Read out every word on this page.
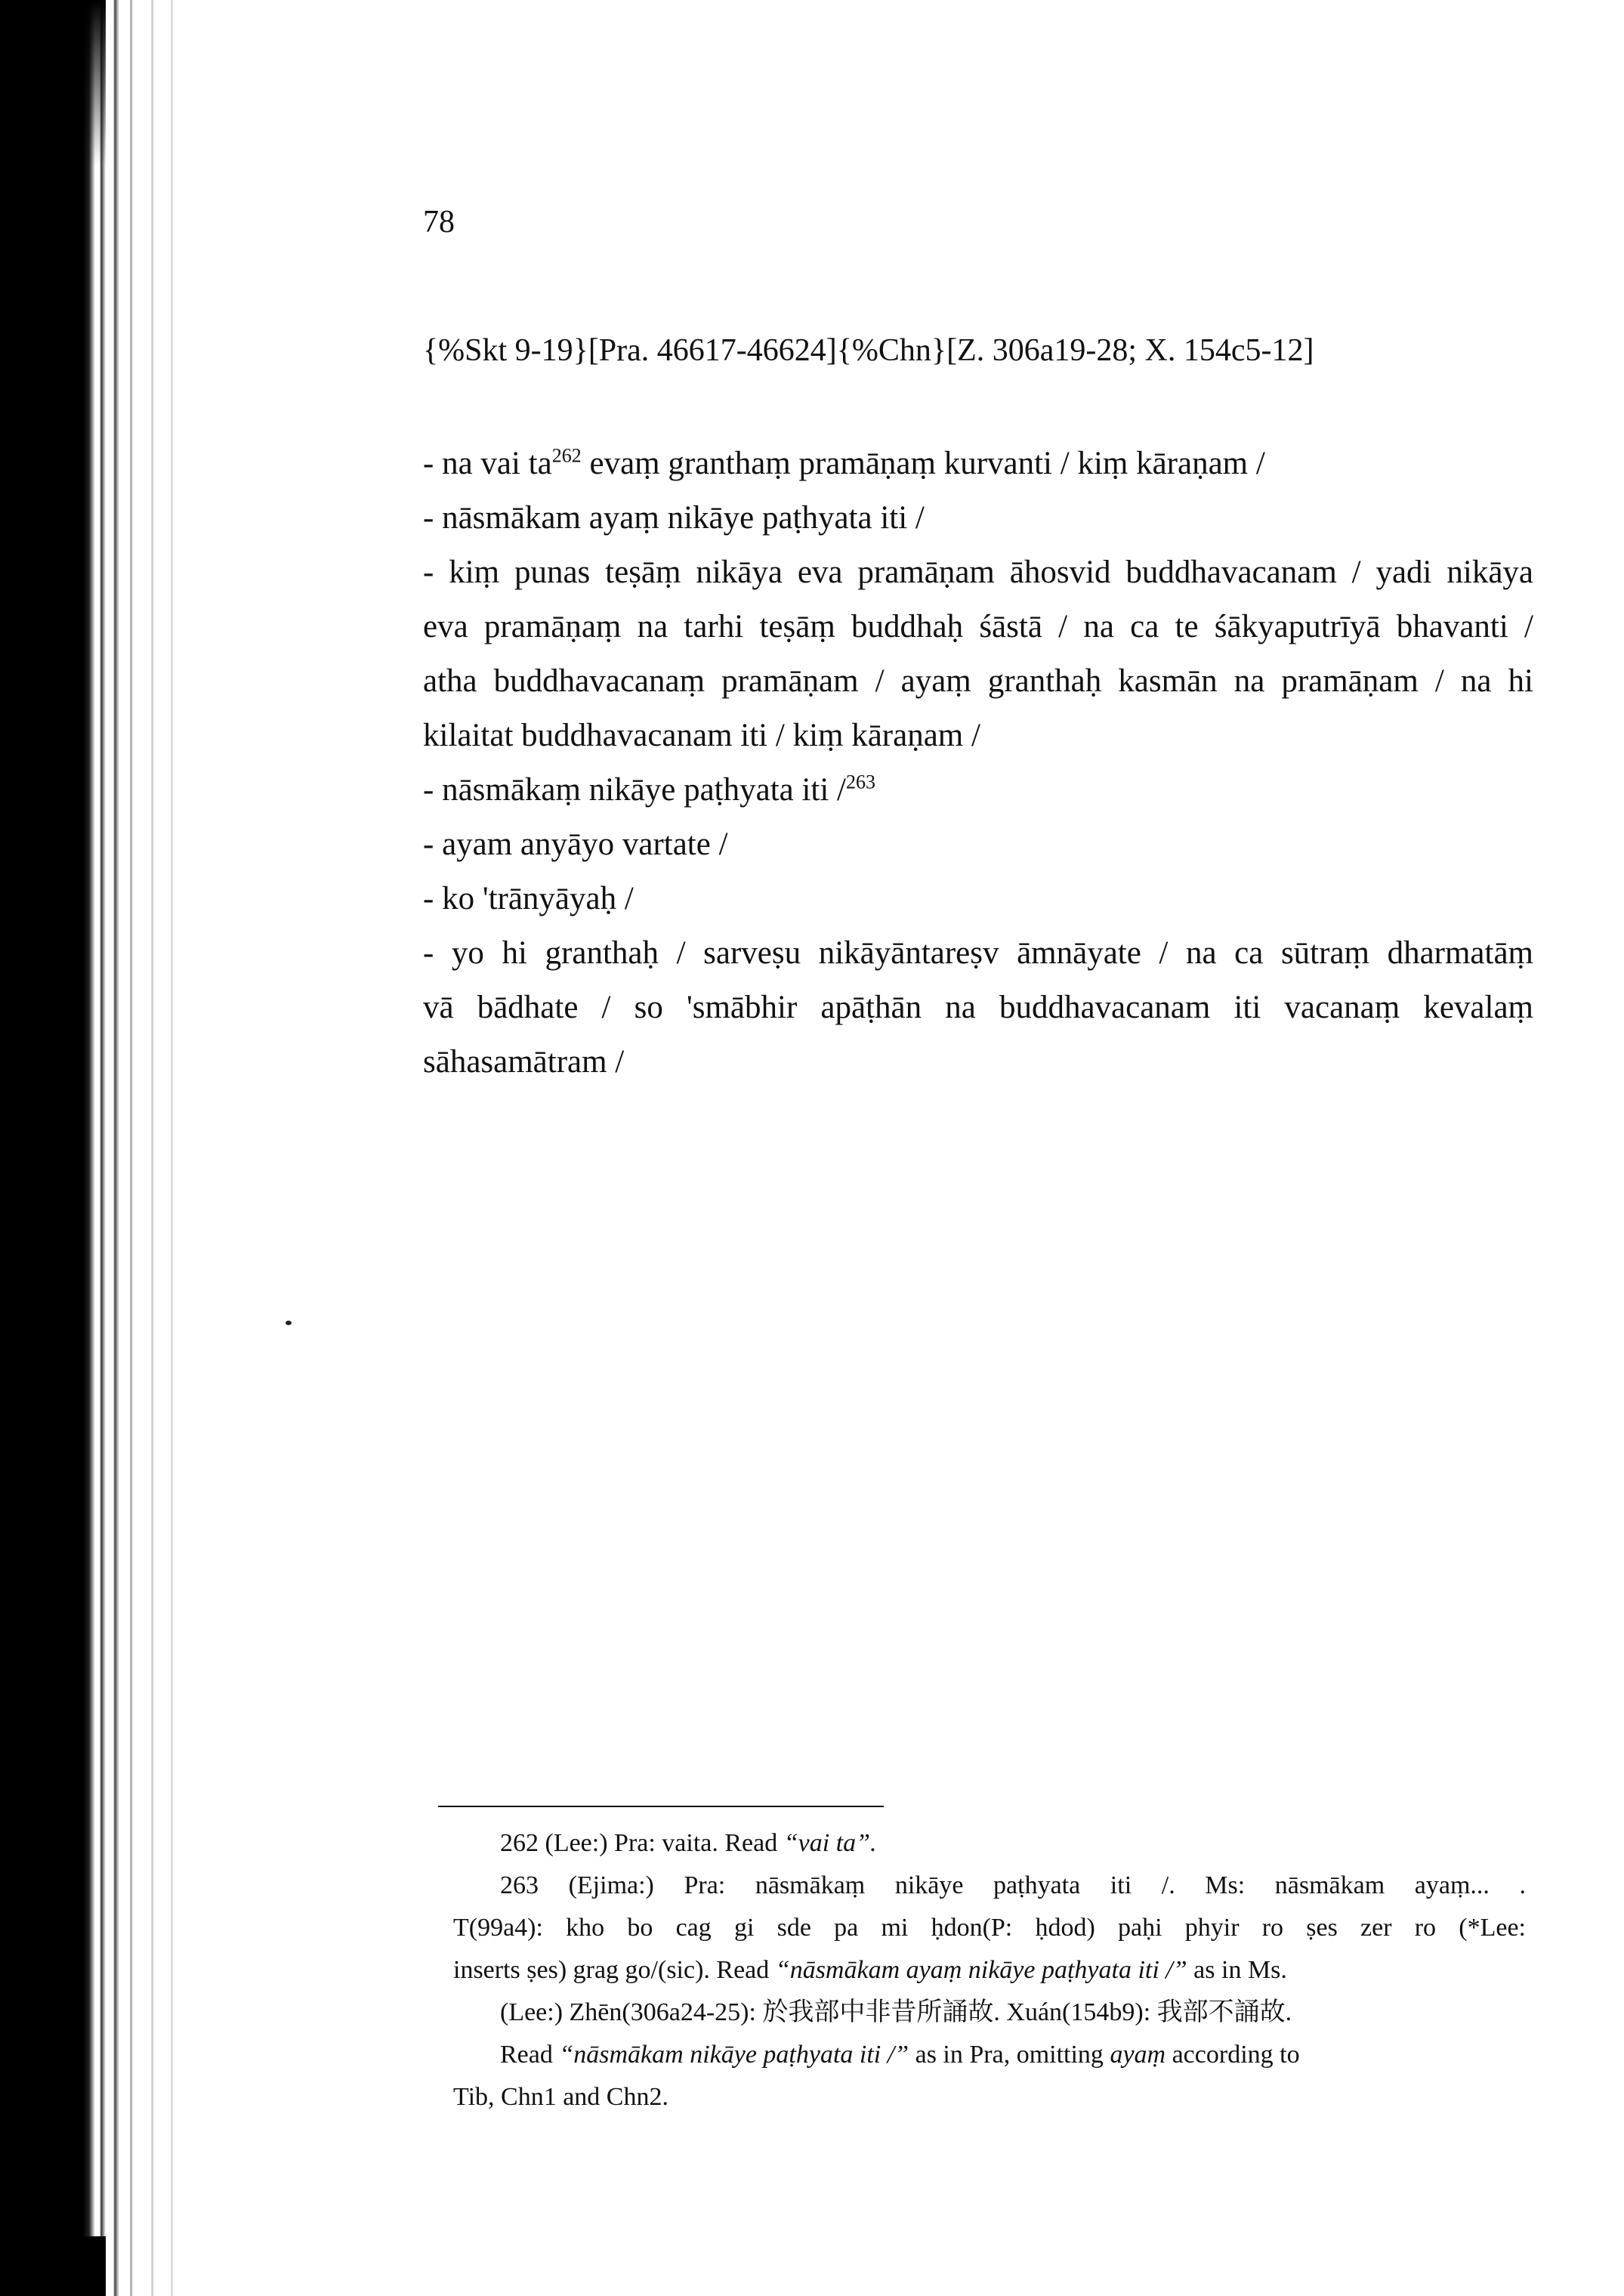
78
{%Skt 9-19}[Pra. 46617-46624]{%Chn}[Z. 306a19-28; X. 154c5-12]

- na vai $ta^{262}$ evaṃ granthaṃ pramāṇaṃ kurvanti / kiṃ kāraṇam /

- nāsmākam ayaṃ nikāye paṭhyata iti /

- kiṃ punas teṣāṃ nikāya eva pramāṇam āhosvid buddhavacanam / yadi nikāya

eva pramāṇaṃ na tarhi teṣāṃ buddhaḥ śāstā / na ca te śākyaputrīyā bhavanti /

atha buddhavacanaṃ pramāṇam / ayaṃ granthaḥ kasmān na pramāṇam / na hi

kilaitat buddhavacanam iti / kiṃ kāraṇam /

- nāsmākaṃ nikāye paṭhyata iti /$^{263}$

- ayam anyāyo vartate /

- ko 'trānyāyaḥ /

- yo hi granthaḥ / sarveṣu nikāyāntareṣv āmnāyate / na ca sūtraṃ dharmatāṃ

vā bādhate / so 'smābhir apāṭhān na buddhavacanam iti vacanaṃ kevalaṃ

sāhasamātram /

262 (Lee:) Pra: vaita. Read “vai ta”.

263 (Ejima:) Pra: nāsmākaṃ nikāye paṭhyata iti /. Ms: nāsmākam ayaṃ... .

T(99a4): kho bo cag gi sde pa mi ḥdon(P: ḥdod) paḥi phyir ro ṣes zer ro (*Lee:

inserts ṣes) grag go/(sic). Read “nāsmākam ayaṃ nikāye paṭhyata iti /” as in Ms.

(Lee:) Zhēn(306a24-25): 於我部中非昔所誦故. Xuán(154b9): 我部不誦故.

Read “nāsmākam nikāye paṭhyata iti /” as in Pra, omitting ayaṃ according to

Tib, Chn1 and Chn2.
